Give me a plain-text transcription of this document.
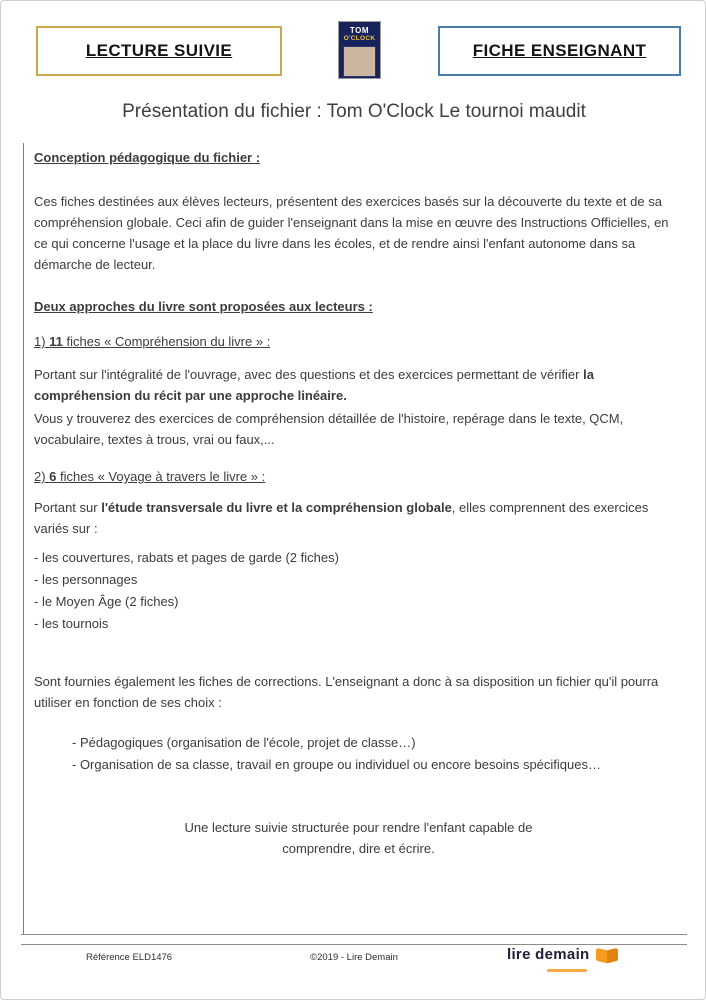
LECTURE SUIVIE
TOM
O'CLOCK
FICHE ENSEIGNANT
Présentation du fichier : Tom O'Clock Le tournoi maudit

Conception pédagogique du fichier :

Ces fiches destinées aux élèves lecteurs, présentent des exercices basés sur la découverte du texte et de sa compréhension globale. Ceci afin de guider l'enseignant dans la mise en œuvre des Instructions Officielles, en ce qui concerne l'usage et la place du livre dans les écoles, et de rendre ainsi l'enfant autonome dans sa démarche de lecteur.

Deux approches du livre sont proposées aux lecteurs :

1) 11 fiches « Compréhension du livre » :

Portant sur l'intégralité de l'ouvrage, avec des questions et des exercices permettant de vérifier la compréhension du récit par une approche linéaire.

Vous y trouverez des exercices de compréhension détaillée de l'histoire, repérage dans le texte, QCM, vocabulaire, textes à trous, vrai ou faux,...

2) 6 fiches « Voyage à travers le livre » :

Portant sur l'étude transversale du livre et la compréhension globale, elles comprennent des exercices variés sur :

- les couvertures, rabats et pages de garde (2 fiches)

- les personnages

- le Moyen Âge (2 fiches)

- les tournois

Sont fournies également les fiches de corrections. L'enseignant a donc à sa disposition un fichier qu'il pourra utiliser en fonction de ses choix :

- Pédagogiques (organisation de l'école, projet de classe…)

- Organisation de sa classe, travail en groupe ou individuel ou encore besoins spécifiques…

Une lecture suivie structurée pour rendre l'enfant capable de
comprendre, dire et écrire.
Référence ELD1476	©2019 - Lire Demain	lire demain
